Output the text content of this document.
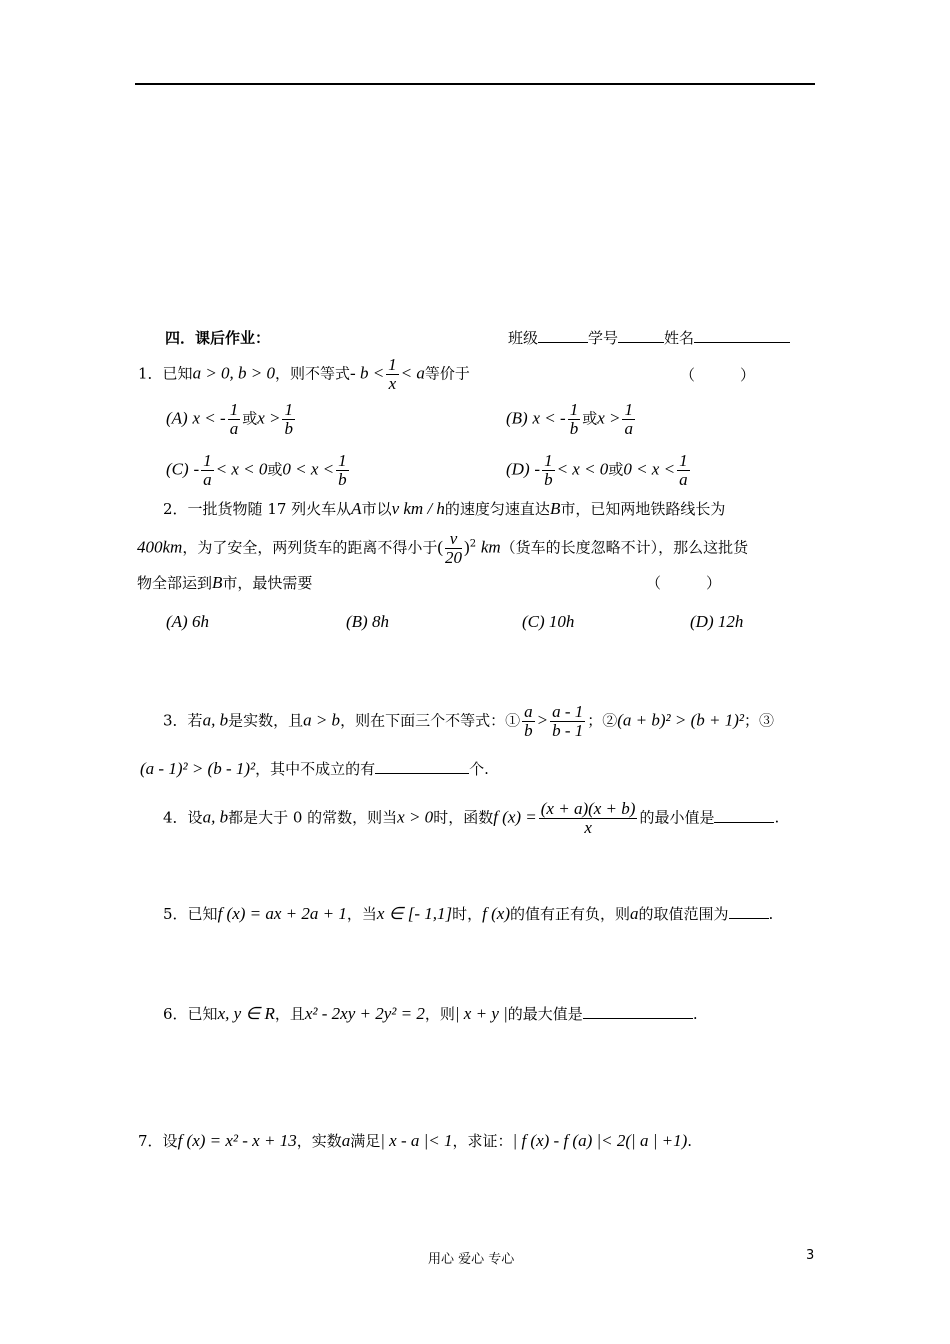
四．课后作业：	班级	学号	姓名
1．已知a > 0, b > 0，则不等式- $b < \frac{1}{x} < a$等价于	（　　　）
(A) x < - $\frac{1}{a}$ 或$x > \frac{1}{b}$	(B) x < - $\frac{1}{b}$ 或$x > \frac{1}{a}$
$(C) - \frac{1}{a} < x < 0$或$0 < x < \frac{1}{b}$	$(D) - \frac{1}{b} < x < 0$或$0 < x < \frac{1}{a}$
2．一批货物随 17 列火车从A市以v km / h的速度匀速直达B市，已知两地铁路线长为
400km，为了安全，两列货车的距离不得小于( $\frac{v}{20} )^2$ km（货车的长度忽略不计），那么这批货
物全部运到B市，最快需要	（　　　）
(A) 6h	(B) 8h	(C) 10h	(D) 12h
3．若a, b是实数，且a > b，则在下面三个不等式：① $\frac{a}{b} > \frac{a - 1}{b - 1}$ ；②(a + b)² > (b + 1)²；③
(a - 1)² > (b - 1)²，其中不成立的有	个.
4．设a, b都是大于 0 的常数，则当x > 0时，函数f $(x) = \frac{(x + a)(x + b)}{x}$ 的最小值是	.
5．已知f (x) = ax + 2a + 1，当x ∈ [- 1,1]时，f (x)的值有正有负，则a的取值范围为	.
6．已知x, y ∈ R，且x² - 2xy + 2y² = 2，则| x + y |的最大值是	.
7．设f (x) = x² - x + 13，实数a满足| x - a |< 1，求证：| f (x) - f (a) |< 2(| a | +1).
用心 爱心 专心	3
